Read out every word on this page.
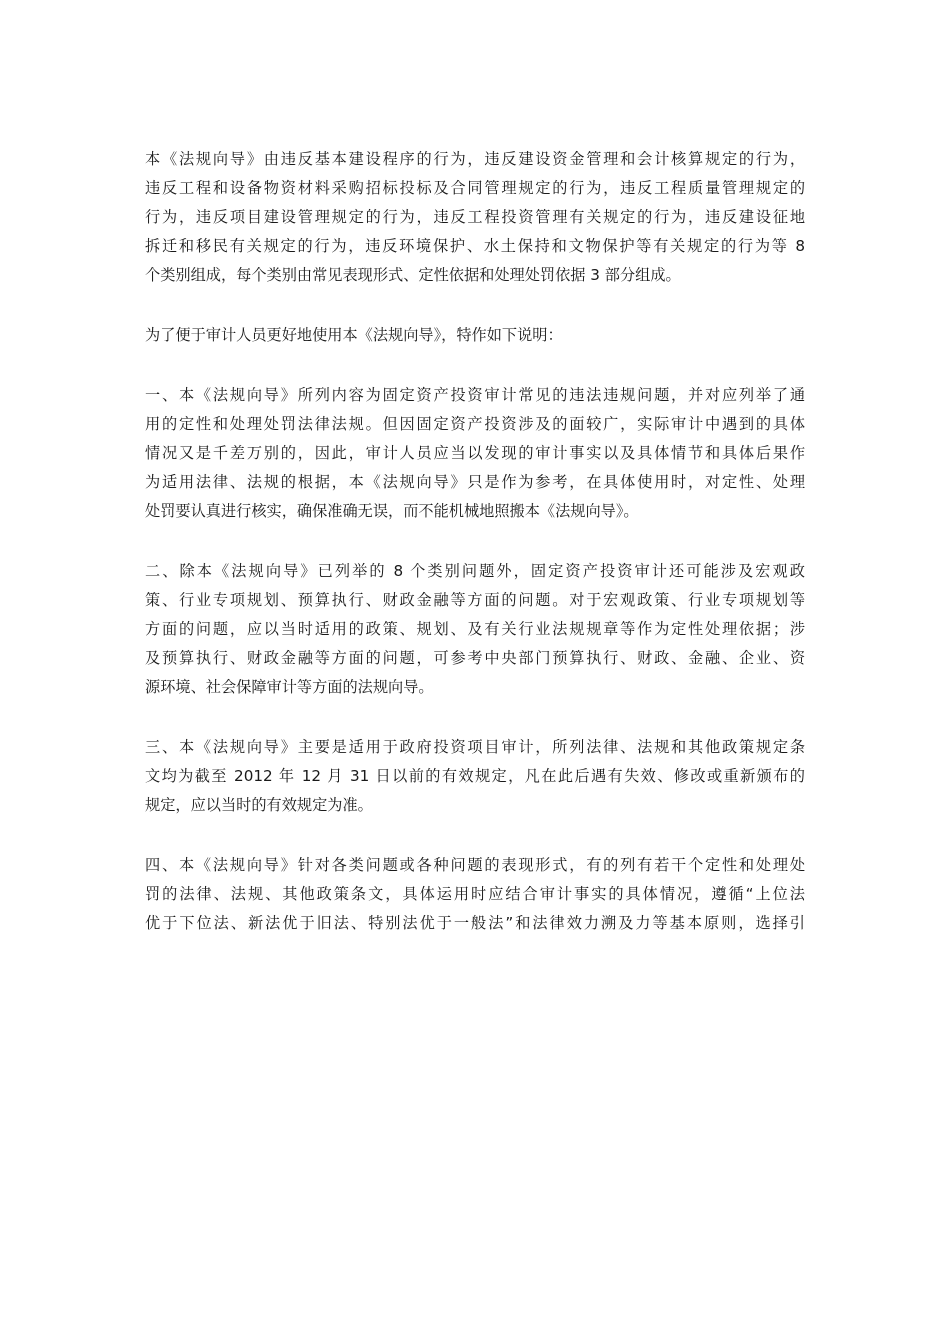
本《法规向导》由违反基本建设程序的行为，违反建设资金管理和会计核算规定的行为，
违反工程和设备物资材料采购招标投标及合同管理规定的行为，违反工程质量管理规定的
行为，违反项目建设管理规定的行为，违反工程投资管理有关规定的行为，违反建设征地
拆迁和移民有关规定的行为，违反环境保护、水土保持和文物保护等有关规定的行为等 8
个类别组成，每个类别由常见表现形式、定性依据和处理处罚依据 3 部分组成。
为了便于审计人员更好地使用本《法规向导》，特作如下说明：
一、本《法规向导》所列内容为固定资产投资审计常见的违法违规问题，并对应列举了通
用的定性和处理处罚法律法规。但因固定资产投资涉及的面较广，实际审计中遇到的具体
情况又是千差万别的，因此，审计人员应当以发现的审计事实以及具体情节和具体后果作
为适用法律、法规的根据，本《法规向导》只是作为参考，在具体使用时，对定性、处理
处罚要认真进行核实，确保准确无误，而不能机械地照搬本《法规向导》。
二、除本《法规向导》已列举的 8 个类别问题外，固定资产投资审计还可能涉及宏观政
策、行业专项规划、预算执行、财政金融等方面的问题。对于宏观政策、行业专项规划等
方面的问题，应以当时适用的政策、规划、及有关行业法规规章等作为定性处理依据；涉
及预算执行、财政金融等方面的问题，可参考中央部门预算执行、财政、金融、企业、资
源环境、社会保障审计等方面的法规向导。
三、本《法规向导》主要是适用于政府投资项目审计，所列法律、法规和其他政策规定条
文均为截至 2012 年 12 月 31 日以前的有效规定，凡在此后遇有失效、修改或重新颁布的
规定，应以当时的有效规定为准。
四、本《法规向导》针对各类问题或各种问题的表现形式，有的列有若干个定性和处理处
罚的法律、法规、其他政策条文，具体运用时应结合审计事实的具体情况，遵循“上位法
优于下位法、新法优于旧法、特别法优于一般法”和法律效力溯及力等基本原则，选择引
